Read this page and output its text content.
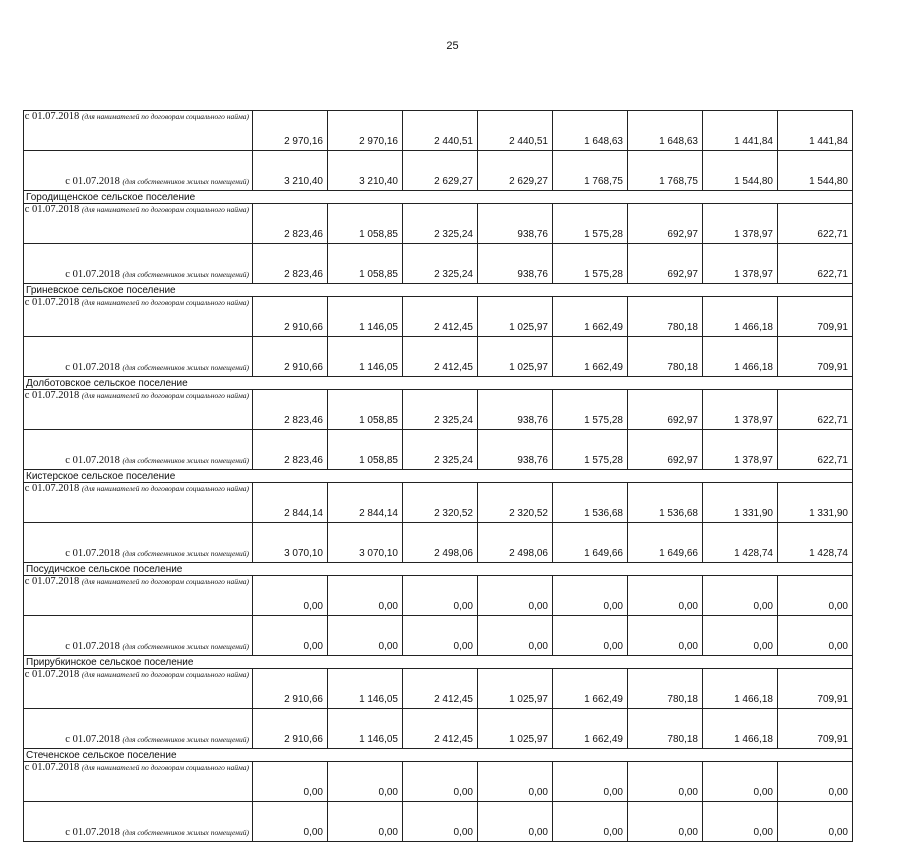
25
с 01.07.2018 (для нанимателей по договорам социального найма)	2 970,16	2 970,16	2 440,51	2 440,51	1 648,63	1 648,63	1 441,84	1 441,84
с 01.07.2018 (для собственников жилых помещений)	3 210,40	3 210,40	2 629,27	2 629,27	1 768,75	1 768,75	1 544,80	1 544,80
Городищенское сельское поселение								
с 01.07.2018 (для нанимателей по договорам социального найма)	2 823,46	1 058,85	2 325,24	938,76	1 575,28	692,97	1 378,97	622,71
с 01.07.2018 (для собственников жилых помещений)	2 823,46	1 058,85	2 325,24	938,76	1 575,28	692,97	1 378,97	622,71
Гриневское сельское поселение								
с 01.07.2018 (для нанимателей по договорам социального найма)	2 910,66	1 146,05	2 412,45	1 025,97	1 662,49	780,18	1 466,18	709,91
с 01.07.2018 (для собственников жилых помещений)	2 910,66	1 146,05	2 412,45	1 025,97	1 662,49	780,18	1 466,18	709,91
Долботовское сельское поселение								
с 01.07.2018 (для нанимателей по договорам социального найма)	2 823,46	1 058,85	2 325,24	938,76	1 575,28	692,97	1 378,97	622,71
с 01.07.2018 (для собственников жилых помещений)	2 823,46	1 058,85	2 325,24	938,76	1 575,28	692,97	1 378,97	622,71
Кистерское сельское поселение								
с 01.07.2018 (для нанимателей по договорам социального найма)	2 844,14	2 844,14	2 320,52	2 320,52	1 536,68	1 536,68	1 331,90	1 331,90
с 01.07.2018 (для собственников жилых помещений)	3 070,10	3 070,10	2 498,06	2 498,06	1 649,66	1 649,66	1 428,74	1 428,74
Посудичское сельское поселение								
с 01.07.2018 (для нанимателей по договорам социального найма)	0,00	0,00	0,00	0,00	0,00	0,00	0,00	0,00
с 01.07.2018 (для собственников жилых помещений)	0,00	0,00	0,00	0,00	0,00	0,00	0,00	0,00
Прирубкинское сельское поселение								
с 01.07.2018 (для нанимателей по договорам социального найма)	2 910,66	1 146,05	2 412,45	1 025,97	1 662,49	780,18	1 466,18	709,91
с 01.07.2018 (для собственников жилых помещений)	2 910,66	1 146,05	2 412,45	1 025,97	1 662,49	780,18	1 466,18	709,91
Стеченское сельское поселение								
с 01.07.2018 (для нанимателей по договорам социального найма)	0,00	0,00	0,00	0,00	0,00	0,00	0,00	0,00
с 01.07.2018 (для собственников жилых помещений)	0,00	0,00	0,00	0,00	0,00	0,00	0,00	0,00
